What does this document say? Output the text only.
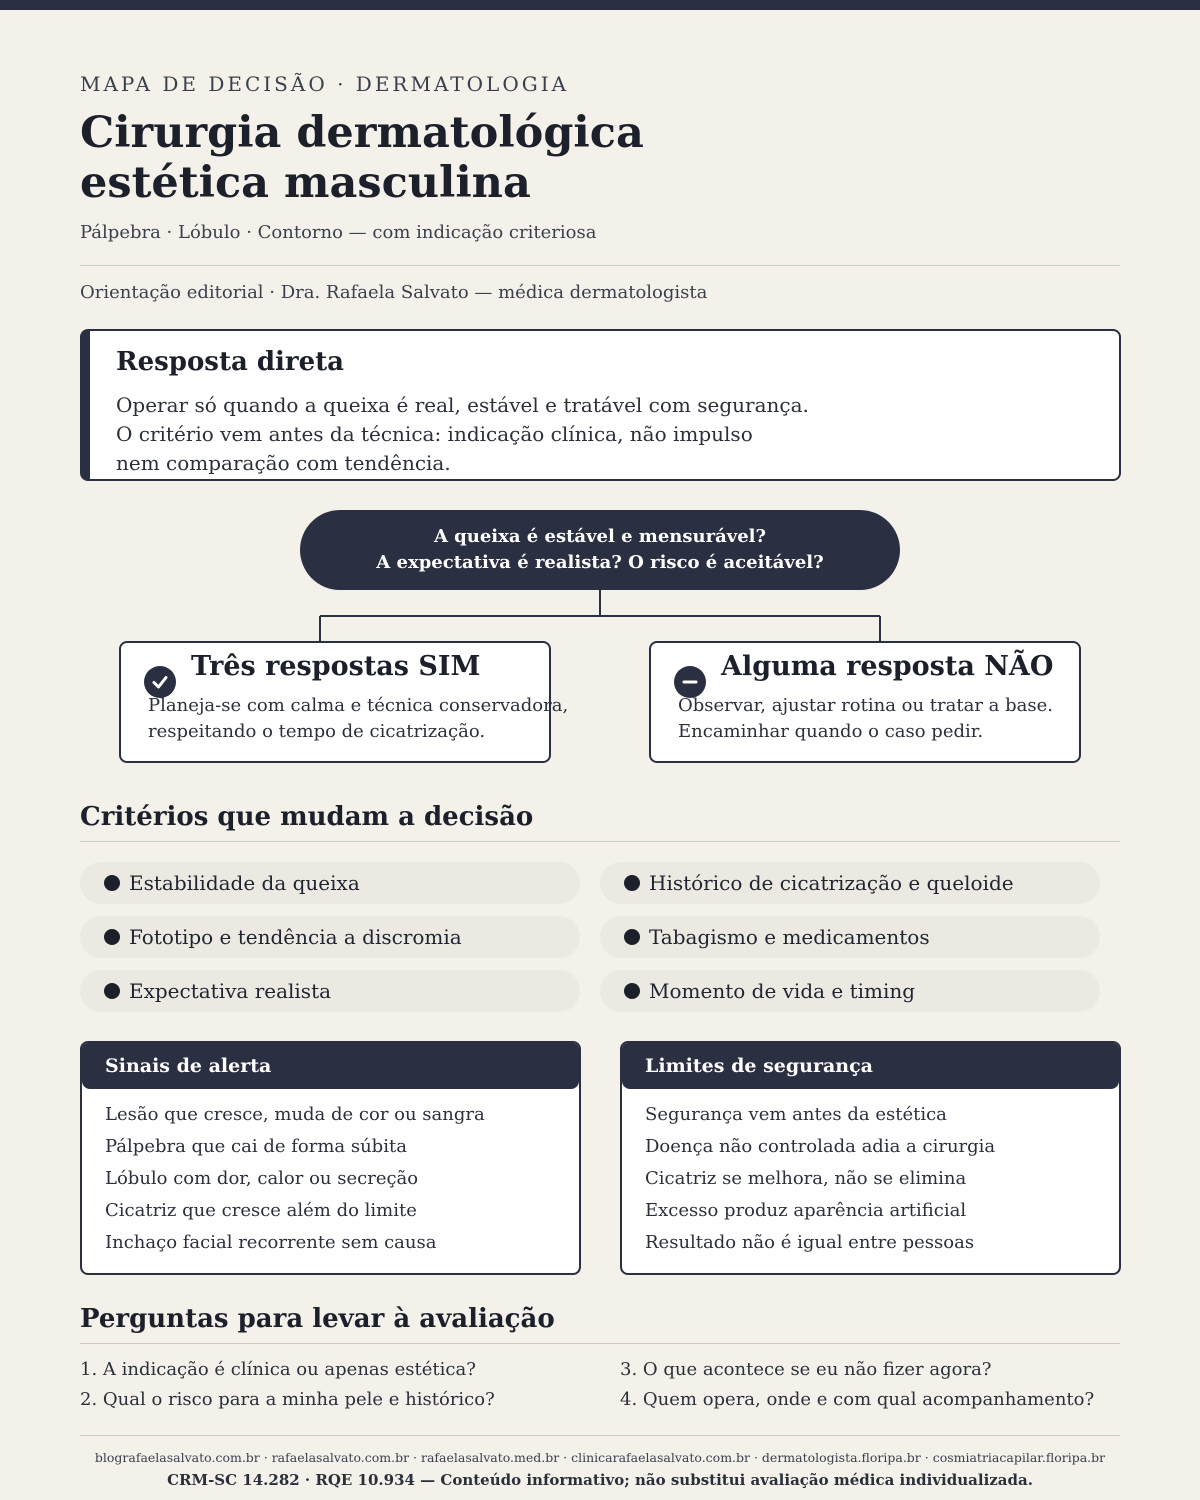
MAPA DE DECISÃO · DERMATOLOGIA
Cirurgia dermatológica
estética masculina
Pálpebra · Lóbulo · Contorno — com indicação criteriosa
Orientação editorial · Dra. Rafaela Salvato — médica dermatologista
Resposta direta
Operar só quando a queixa é real, estável e tratável com segurança.
O critério vem antes da técnica: indicação clínica, não impulso
nem comparação com tendência.
A queixa é estável e mensurável?
A expectativa é realista? O risco é aceitável?
Três respostas SIM
Planeja-se com calma e técnica conservadora,
respeitando o tempo de cicatrização.
Alguma resposta NÃO
Observar, ajustar rotina ou tratar a base.
Encaminhar quando o caso pedir.
Critérios que mudam a decisão
Estabilidade da queixa	Histórico de cicatrização e queloide
Fototipo e tendência a discromia	Tabagismo e medicamentos
Expectativa realista	Momento de vida e timing
Sinais de alerta
Lesão que cresce, muda de cor ou sangra
Pálpebra que cai de forma súbita
Lóbulo com dor, calor ou secreção
Cicatriz que cresce além do limite
Inchaço facial recorrente sem causa
Limites de segurança
Segurança vem antes da estética
Doença não controlada adia a cirurgia
Cicatriz se melhora, não se elimina
Excesso produz aparência artificial
Resultado não é igual entre pessoas
Perguntas para levar à avaliação
1. A indicação é clínica ou apenas estética?
2. Qual o risco para a minha pele e histórico?
3. O que acontece se eu não fizer agora?
4. Quem opera, onde e com qual acompanhamento?
blografaelasalvato.com.br · rafaelasalvato.com.br · rafaelasalvato.med.br · clinicarafaelasalvato.com.br · dermatologista.floripa.br · cosmiatriacapilar.floripa.br
CRM-SC 14.282 · RQE 10.934 — Conteúdo informativo; não substitui avaliação médica individualizada.
